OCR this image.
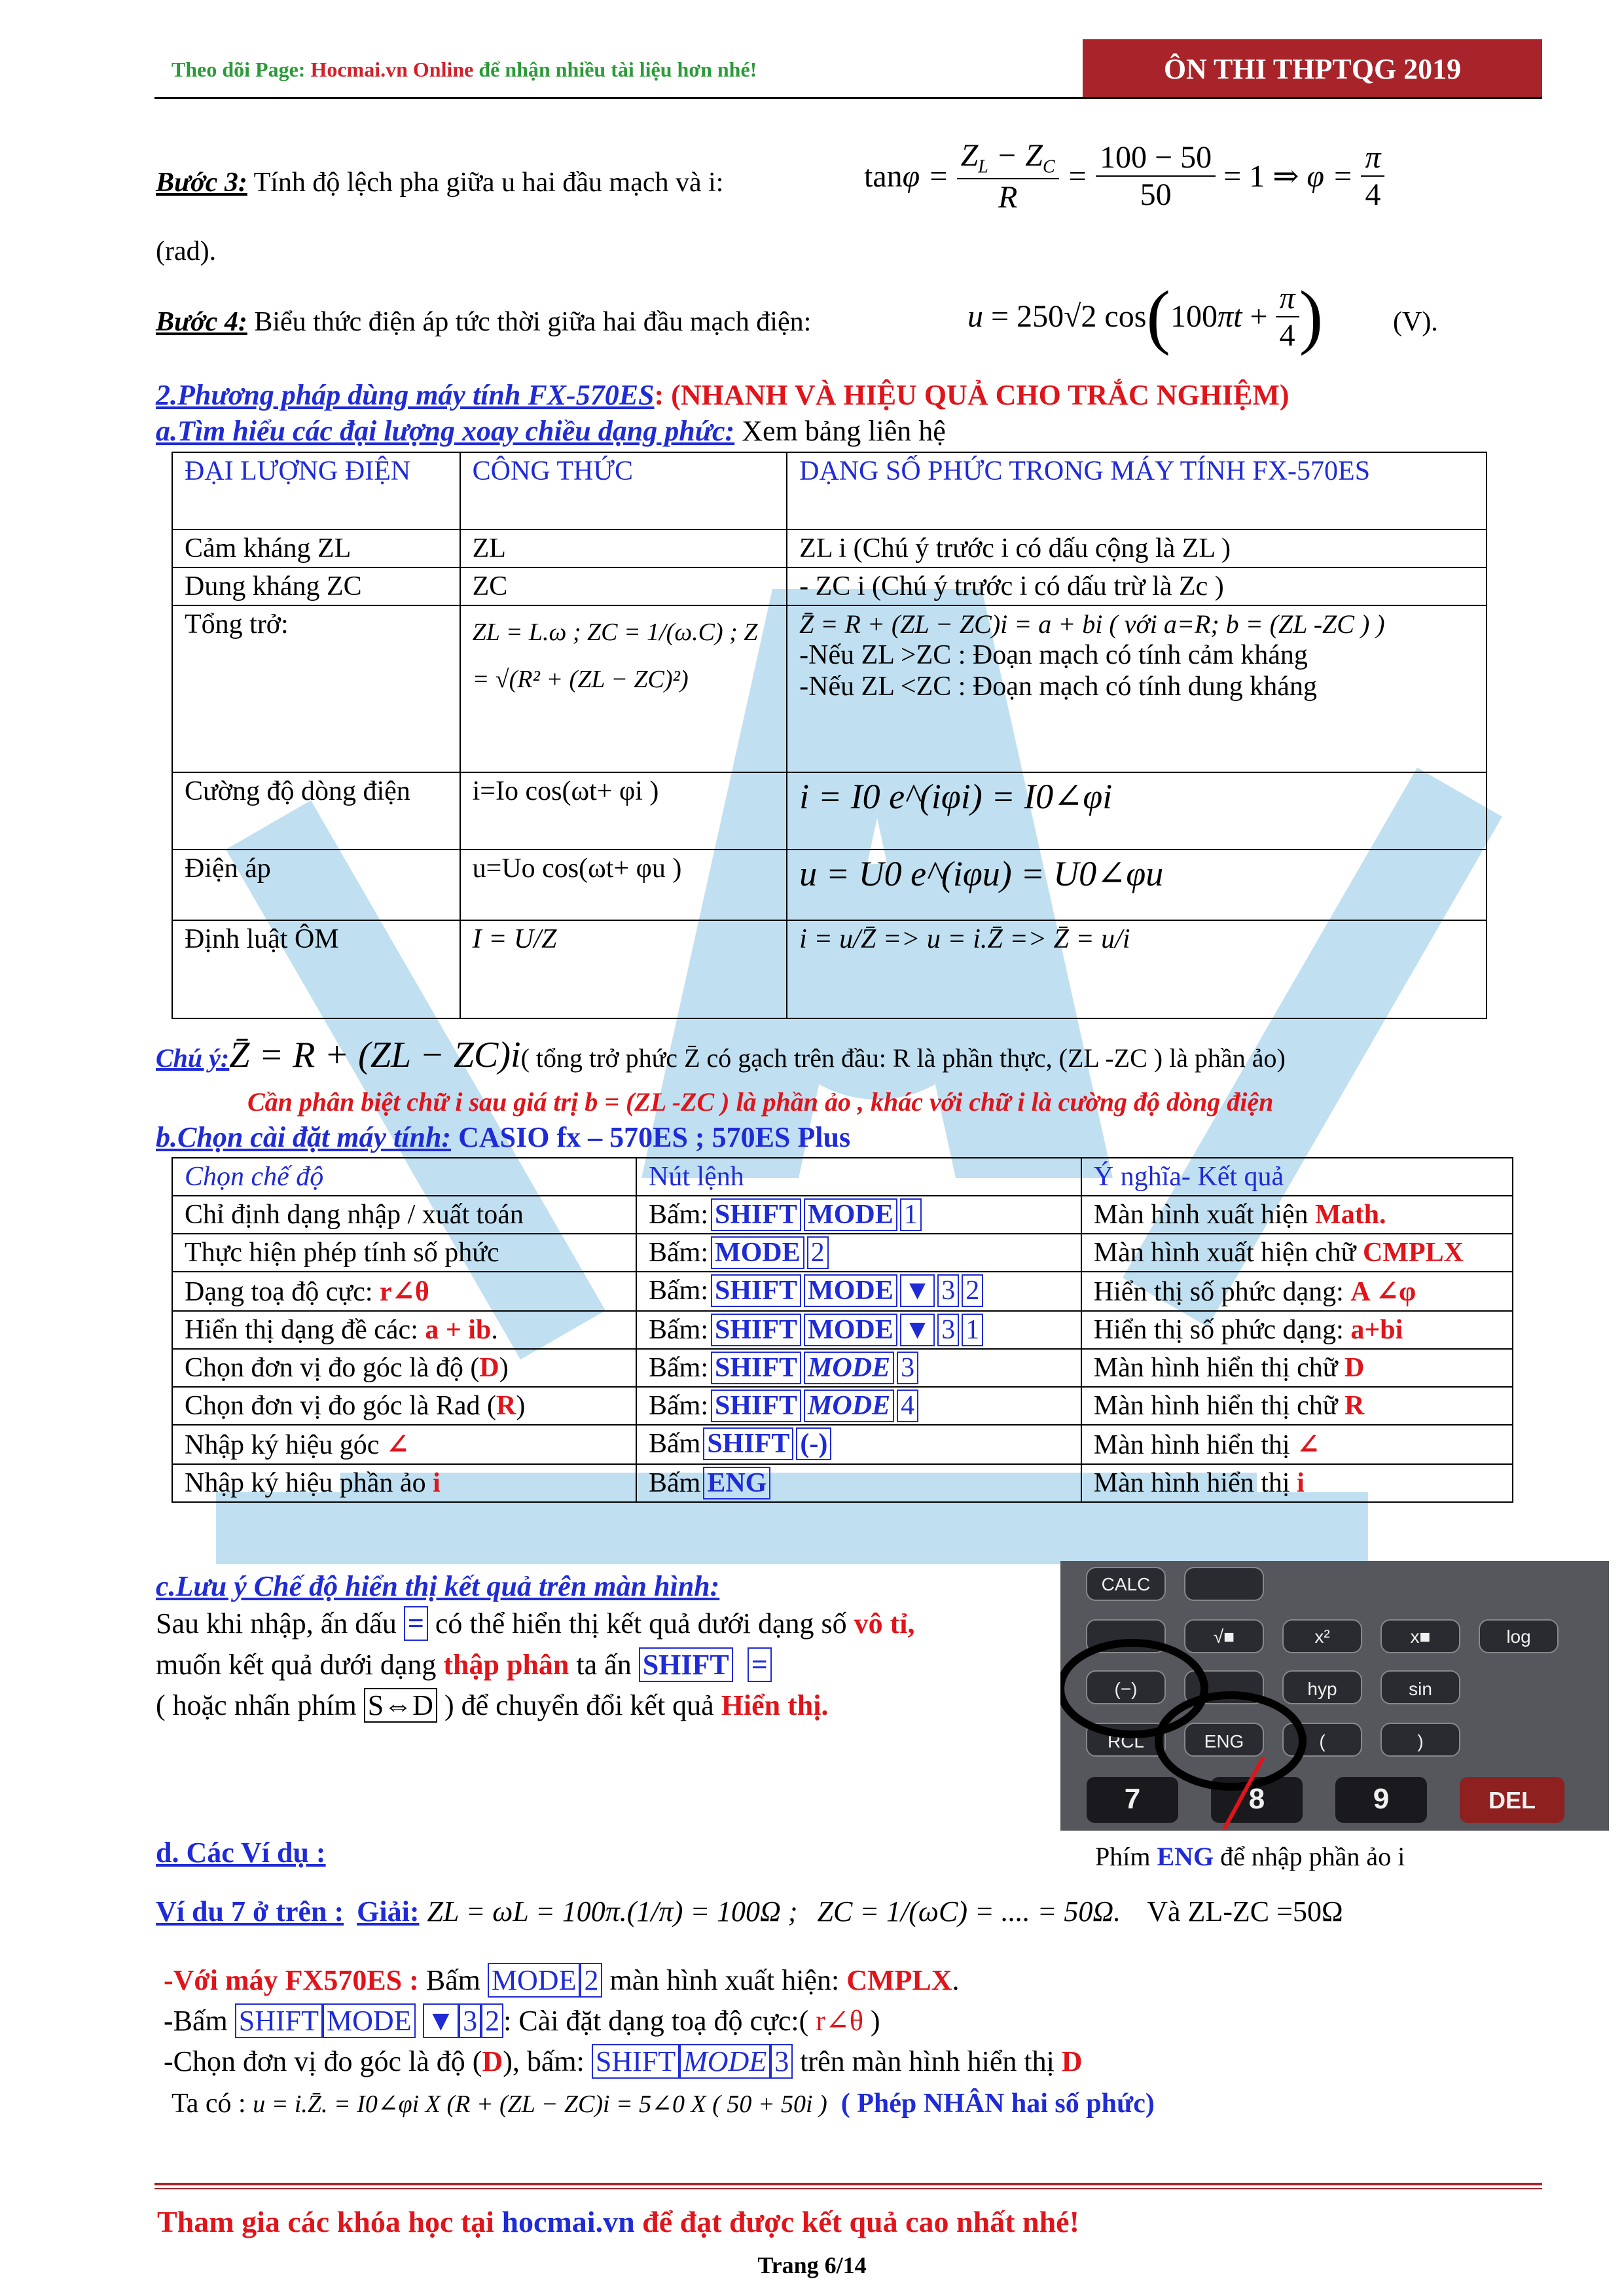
Theo dõi Page: Hocmai.vn Online để nhận nhiều tài liệu hơn nhé!	ÔN THI THPTQG 2019
Bước 3: Tính độ lệch pha giữa u hai đầu mạch và i:	$\tan \varphi = \frac{Z_L - Z_C}{R} = \frac{100 - 50}{50} = 1$ ⇒ $\varphi = \frac{\pi}{4}$
(rad).
Bước 4: Biểu thức điện áp tức thời giữa hai đầu mạch điện:	u = 250√2 cos ( 100 $\pi t + \frac{\pi}{4}$ )	(V).
2.Phương pháp dùng máy tính FX-570ES: (NHANH VÀ HIỆU QUẢ CHO TRẮC NGHIỆM)
a.Tìm hiểu các đại lượng xoay chiều dạng phức: Xem bảng liên hệ
ĐẠI LƯỢNG ĐIỆN	CÔNG THỨC	DẠNG SỐ PHỨC TRONG MÁY TÍNH FX-570ES
Cảm kháng ZL	ZL	ZL i (Chú ý trước i có dấu cộng là ZL )
Dung kháng ZC	ZC	- ZC i (Chú ý trước i có dấu trừ là Zc )
Tổng trở:	ZL = L.ω ; ZC = 1/(ω.C) ; Z = √(R² + (ZL − ZC)²)	Z̄ = R + (ZL − ZC)i = a + bi ( với a=R; b = (ZL -ZC ) )
-Nếu ZL >ZC : Đoạn mạch có tính cảm kháng
-Nếu ZL <ZC : Đoạn mạch có tính dung kháng

Cường độ dòng điện	i=Io cos(ωt+ φi )	i = I0 e^(iφi) = I0∠φi
Điện áp	u=Uo cos(ωt+ φu )	u = U0 e^(iφu) = U0∠φu
Định luật ÔM	I = U/Z	i = u/Z̄ => u = i.Z̄ => Z̄ = u/i
Chú ý: Z̄ = R + (ZL − ZC)i ( tổng trở phức Z̄ có gạch trên đầu: R là phần thực, (ZL -ZC ) là phần ảo)
Cần phân biệt chữ i sau giá trị b = (ZL -ZC ) là phần ảo , khác với chữ i là cường độ dòng điện
b.Chọn cài đặt máy tính: CASIO fx – 570ES ; 570ES Plus
Chọn chế độ	Nút lệnh	Ý nghĩa- Kết quả
Chỉ định dạng nhập / xuất toán	Bấm: SHIFT MODE 1	Màn hình xuất hiện Math.
Thực hiện phép tính số phức	Bấm: MODE 2	Màn hình xuất hiện chữ CMPLX
Dạng toạ độ cực: r∠θ	Bấm: SHIFT MODE ▼ 3 2	Hiển thị số phức dạng: A ∠φ
Hiển thị dạng đề các: a + ib.	Bấm: SHIFT MODE ▼ 3 1	Hiển thị số phức dạng: a+bi
Chọn đơn vị đo góc là độ (D)	Bấm: SHIFT MODE 3	Màn hình hiển thị chữ D
Chọn đơn vị đo góc là Rad (R)	Bấm: SHIFT MODE 4	Màn hình hiển thị chữ R
Nhập ký hiệu góc ∠	Bấm SHIFT (-)	Màn hình hiển thị ∠
Nhập ký hiệu phần ảo i	Bấm ENG	Màn hình hiển thị i
c.Lưu ý Chế độ hiển thị kết quả trên màn hình:
Sau khi nhập, ấn dấu = có thể hiển thị kết quả dưới dạng số vô tỉ,
muốn kết quả dưới dạng thập phân ta ấn SHIFT =
( hoặc nhấn phím S⇔D ) để chuyển đổi kết quả Hiển thị.
CALC
(−)	hyp	sin
RCL	ENG	(	)
7	8	9	DEL
√■	x²	x■	log
Phím ENG để nhập phần ảo i
d. Các Ví dụ :
Ví du 7 ở trên : Giải: ZL = ωL = 100π.(1/π) = 100Ω ; ZC = 1/(ωC) = .... = 50Ω. Và ZL-ZC =50Ω
-Với máy FX570ES : Bấm MODE 2 màn hình xuất hiện: CMPLX.
-Bấm SHIFT MODE ▼ 3 2 : Cài đặt dạng toạ độ cực:( r∠θ )
-Chọn đơn vị đo góc là độ (D), bấm: SHIFT MODE 3 trên màn hình hiển thị D
Ta có : u = i.Z̄. = I0∠φi X (R + (ZL − ZC)i = 5∠0 X ( 50 + 50i ) ( Phép NHÂN hai số phức)
Tham gia các khóa học tại hocmai.vn để đạt được kết quả cao nhất nhé!
Trang 6/14
